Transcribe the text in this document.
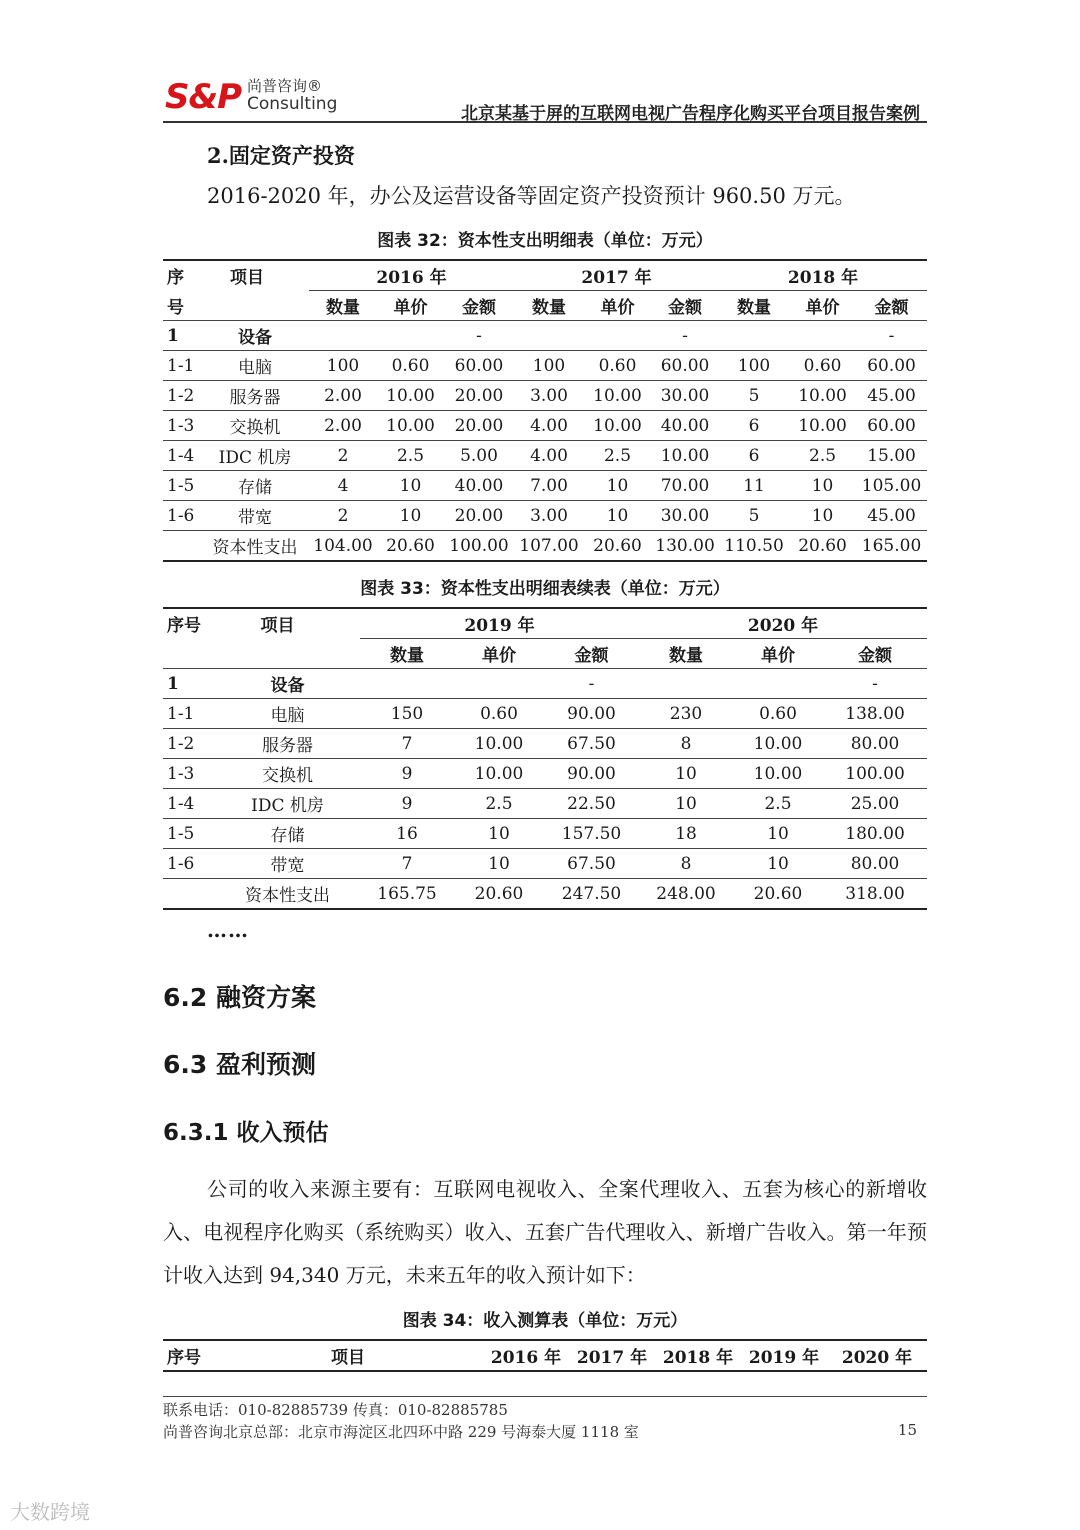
S&P 尚普咨询®
Consulting	北京某基于屏的互联网电视广告程序化购买平台项目报告案例
2.固定资产投资
2016-2020 年，办公及运营设备等固定资产投资预计 960.50 万元。
图表 32：资本性支出明细表（单位：万元）
序	项目	2016 年			2017 年			2018 年		
号		数量	单价	金额	数量	单价	金额	数量	单价	金额
1	设备			-			-			-
1-1	电脑	100	0.60	60.00	100	0.60	60.00	100	0.60	60.00
1-2	服务器	2.00	10.00	20.00	3.00	10.00	30.00	5	10.00	45.00
1-3	交换机	2.00	10.00	20.00	4.00	10.00	40.00	6	10.00	60.00
1-4	IDC 机房	2	2.5	5.00	4.00	2.5	10.00	6	2.5	15.00
1-5	存储	4	10	40.00	7.00	10	70.00	11	10	105.00
1-6	带宽	2	10	20.00	3.00	10	30.00	5	10	45.00
	资本性支出	104.00	20.60	100.00	107.00	20.60	130.00	110.50	20.60	165.00
图表 33：资本性支出明细表续表（单位：万元）
序号	项目	2019 年			2020 年		
		数量	单价	金额	数量	单价	金额
1	设备			-			-
1-1	电脑	150	0.60	90.00	230	0.60	138.00
1-2	服务器	7	10.00	67.50	8	10.00	80.00
1-3	交换机	9	10.00	90.00	10	10.00	100.00
1-4	IDC 机房	9	2.5	22.50	10	2.5	25.00
1-5	存储	16	10	157.50	18	10	180.00
1-6	带宽	7	10	67.50	8	10	80.00
	资本性支出	165.75	20.60	247.50	248.00	20.60	318.00
……
6.2 融资方案
6.3 盈利预测
6.3.1 收入预估
公司的收入来源主要有：互联网电视收入、全案代理收入、五套为核心的新增收入、电视程序化购买（系统购买）收入、五套广告代理收入、新增广告收入。第一年预计收入达到 94,340 万元，未来五年的收入预计如下：
图表 34：收入测算表（单位：万元）
序号	项目	2016 年	2017 年	2018 年	2019 年	2020 年
联系电话：010-82885739 传真：010-82885785
尚普咨询北京总部：北京市海淀区北四环中路 229 号海泰大厦 1118 室	15
大数跨境
